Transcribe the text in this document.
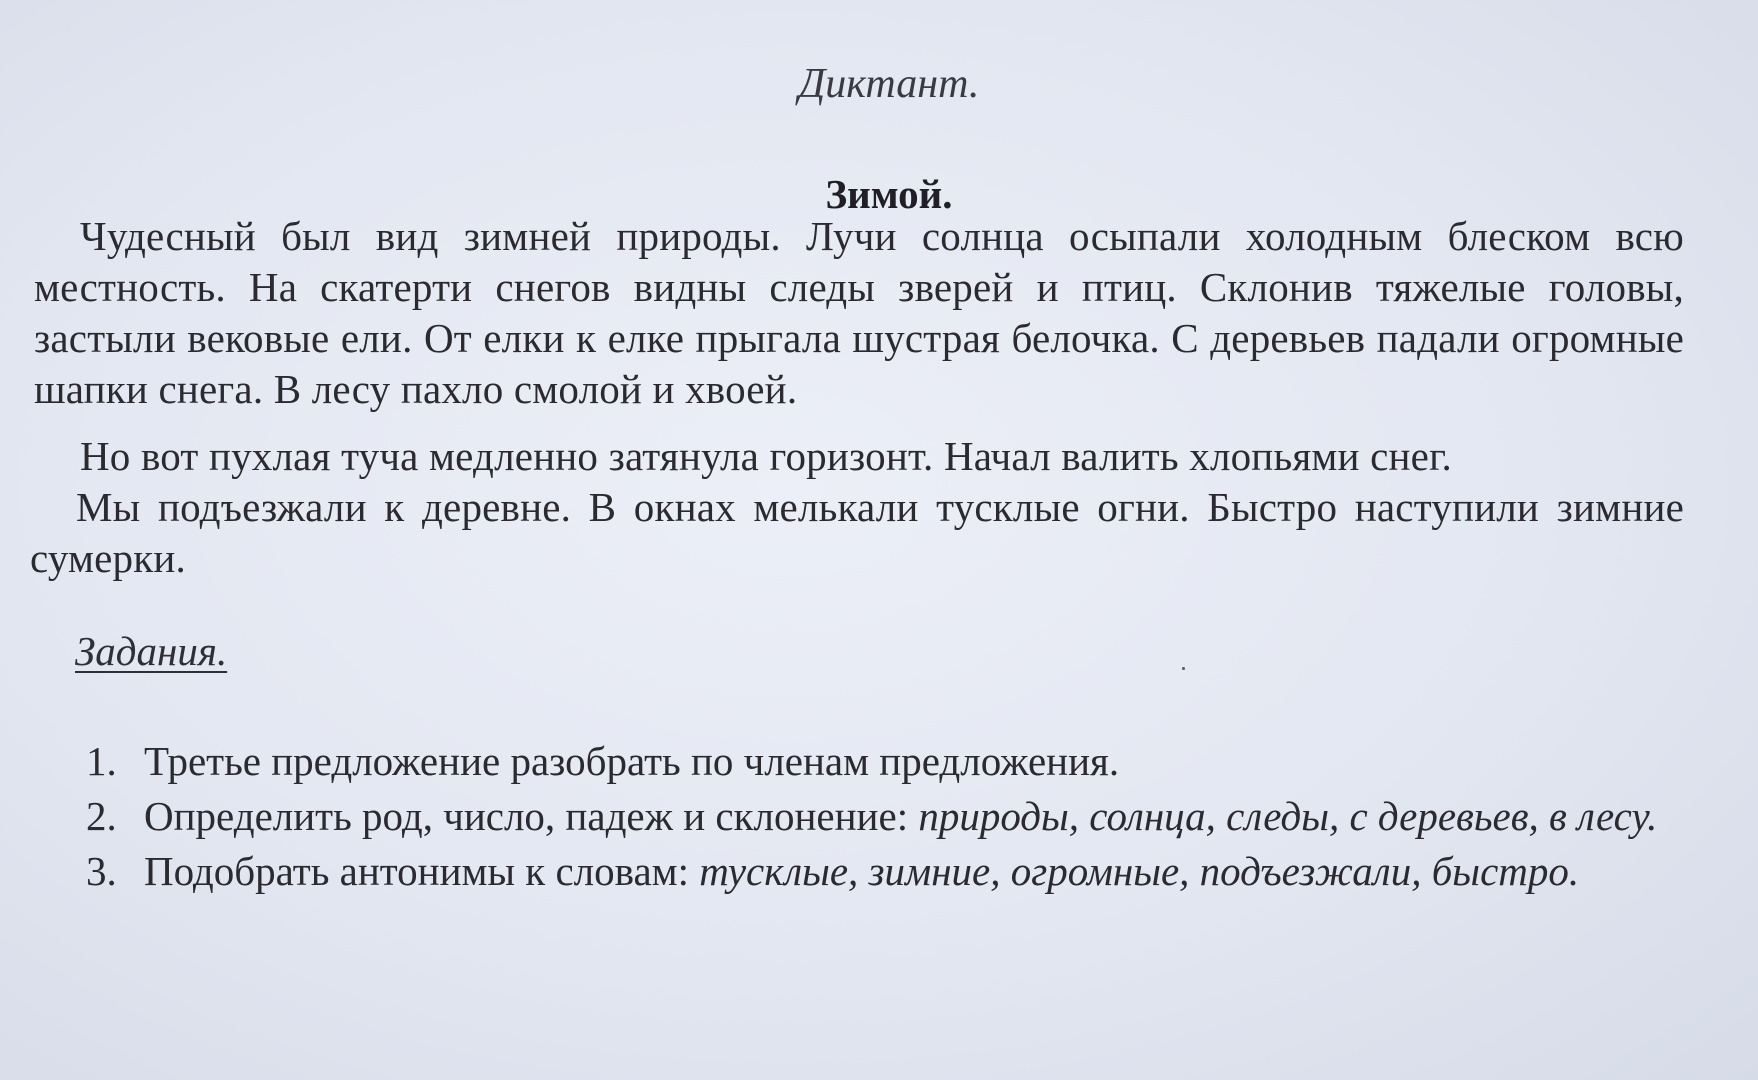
Диктант.
Зимой.
Чудесный был вид зимней природы. Лучи солнца осыпали холодным блеском всю местность. На скатерти снегов видны следы зверей и птиц. Склонив тяжелые головы, застыли вековые ели. От елки к елке прыгала шустрая белочка. С деревьев падали огромные шапки снега. В лесу пахло смолой и хвоей.
Но вот пухлая туча медленно затянула горизонт. Начал валить хлопьями снег.
Мы подъезжали к деревне. В окнах мелькали тусклые огни. Быстро наступили зимние сумерки.
Задания.
1. Третье предложение разобрать по членам предложения.
2. Определить род, число, падеж и склонение: природы, солнца, следы, с деревьев, в лесу.
3. Подобрать антонимы к словам: тусклые, зимние, огромные, подъезжали, быстро.
